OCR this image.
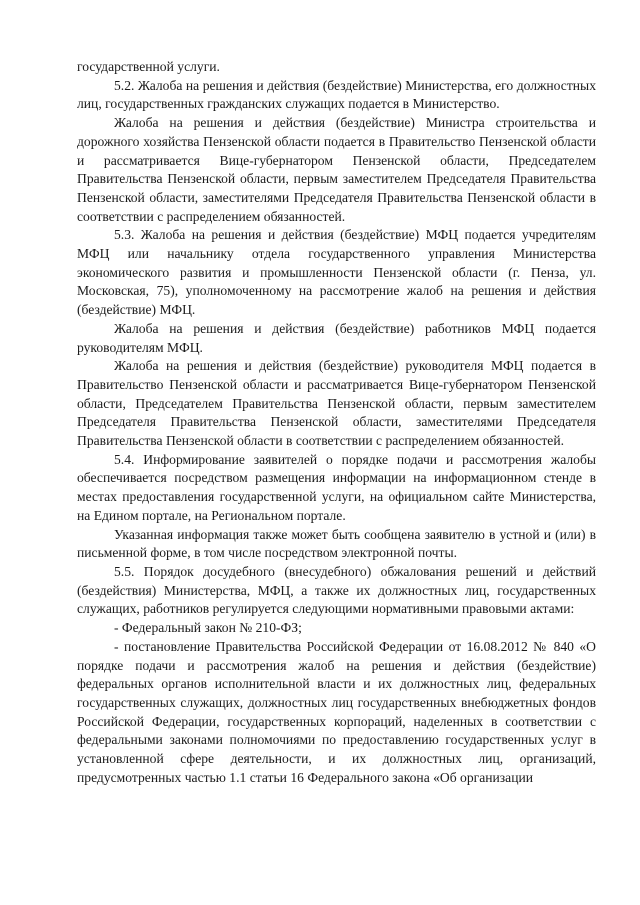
государственной услуги.

5.2. Жалоба на решения и действия (бездействие) Министерства, его должностных лиц, государственных гражданских служащих подается в Министерство.

Жалоба на решения и действия (бездействие) Министра строительства и дорожного хозяйства Пензенской области подается в Правительство Пензенской области и рассматривается Вице-губернатором Пензенской области, Председателем Правительства Пензенской области, первым заместителем Председателя Правительства Пензенской области, заместителями Председателя Правительства Пензенской области в соответствии с распределением обязанностей.

5.3. Жалоба на решения и действия (бездействие) МФЦ подается учредителям МФЦ или начальнику отдела государственного управления Министерства экономического развития и промышленности Пензенской области (г. Пенза, ул. Московская, 75), уполномоченному на рассмотрение жалоб на решения и действия (бездействие) МФЦ.

Жалоба на решения и действия (бездействие) работников МФЦ подается руководителям МФЦ.

Жалоба на решения и действия (бездействие) руководителя МФЦ подается в Правительство Пензенской области и рассматривается Вице-губернатором Пензенской области, Председателем Правительства Пензенской области, первым заместителем Председателя Правительства Пензенской области, заместителями Председателя Правительства Пензенской области в соответствии с распределением обязанностей.

5.4. Информирование заявителей о порядке подачи и рассмотрения жалобы обеспечивается посредством размещения информации на информационном стенде в местах предоставления государственной услуги, на официальном сайте Министерства, на Едином портале, на Региональном портале.

Указанная информация также может быть сообщена заявителю в устной и (или) в письменной форме, в том числе посредством электронной почты.

5.5. Порядок досудебного (внесудебного) обжалования решений и действий (бездействия) Министерства, МФЦ, а также их должностных лиц, государственных служащих, работников регулируется следующими нормативными правовыми актами:

- Федеральный закон № 210-ФЗ;

- постановление Правительства Российской Федерации от 16.08.2012 № 840 «О порядке подачи и рассмотрения жалоб на решения и действия (бездействие) федеральных органов исполнительной власти и их должностных лиц, федеральных государственных служащих, должностных лиц государственных внебюджетных фондов Российской Федерации, государственных корпораций, наделенных в соответствии с федеральными законами полномочиями по предоставлению государственных услуг в установленной сфере деятельности, и их должностных лиц, организаций, предусмотренных частью 1.1 статьи 16 Федерального закона «Об организации
